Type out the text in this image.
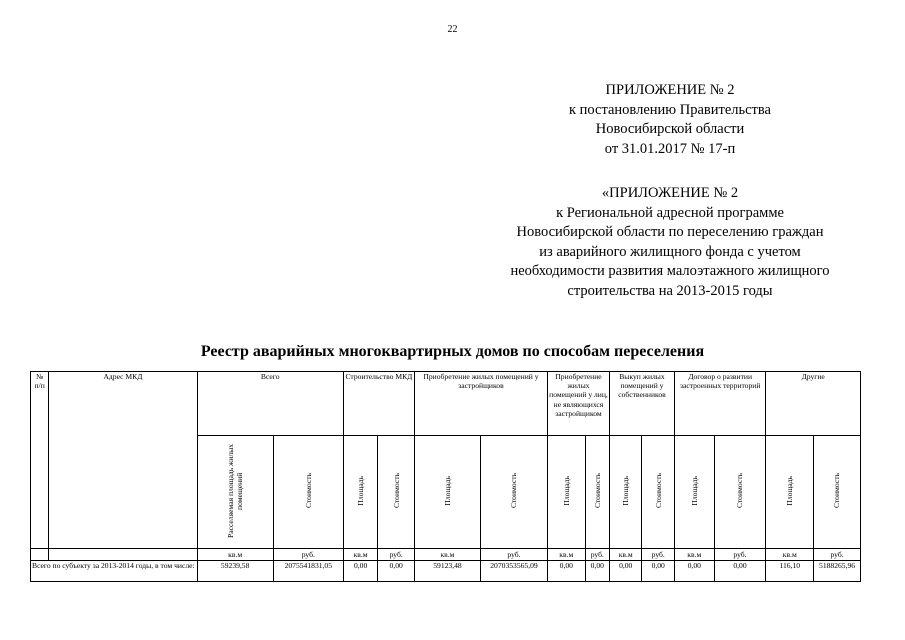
22
ПРИЛОЖЕНИЕ № 2
к постановлению Правительства
Новосибирской области
от 31.01.2017 № 17-п
«ПРИЛОЖЕНИЕ № 2
к Региональной адресной программе
Новосибирской области по переселению граждан
из аварийного жилищного фонда с учетом
необходимости развития малоэтажного жилищного
строительства на 2013-2015 годы
Реестр аварийных многоквартирных домов по способам переселения
№ п/п	Адрес МКД	Всего		Строительство МКД		Приобретение жилых помещений у застройщиков		Приобретение жилых помещений у лиц, не являющихся застройщиком		Выкуп жилых помещений у собственников		Договор о развитии застроенных территорий		Другие	
		Расселяемая площадь жилых помещений	Стоимость	Площадь	Стоимость	Площадь	Стоимость	Площадь	Стоимость	Площадь	Стоимость	Площадь	Стоимость	Площадь	Стоимость
		кв.м	руб.	кв.м	руб.	кв.м	руб.	кв.м	руб.	кв.м	руб.	кв.м	руб.	кв.м	руб.
Всего по субъекту за 2013-2014 годы, в том числе:		59239,58	2075541831,05	0,00	0,00	59123,48	2070353565,09	0,00	0,00	0,00	0,00	0,00	0,00	116,10	5188265,96
